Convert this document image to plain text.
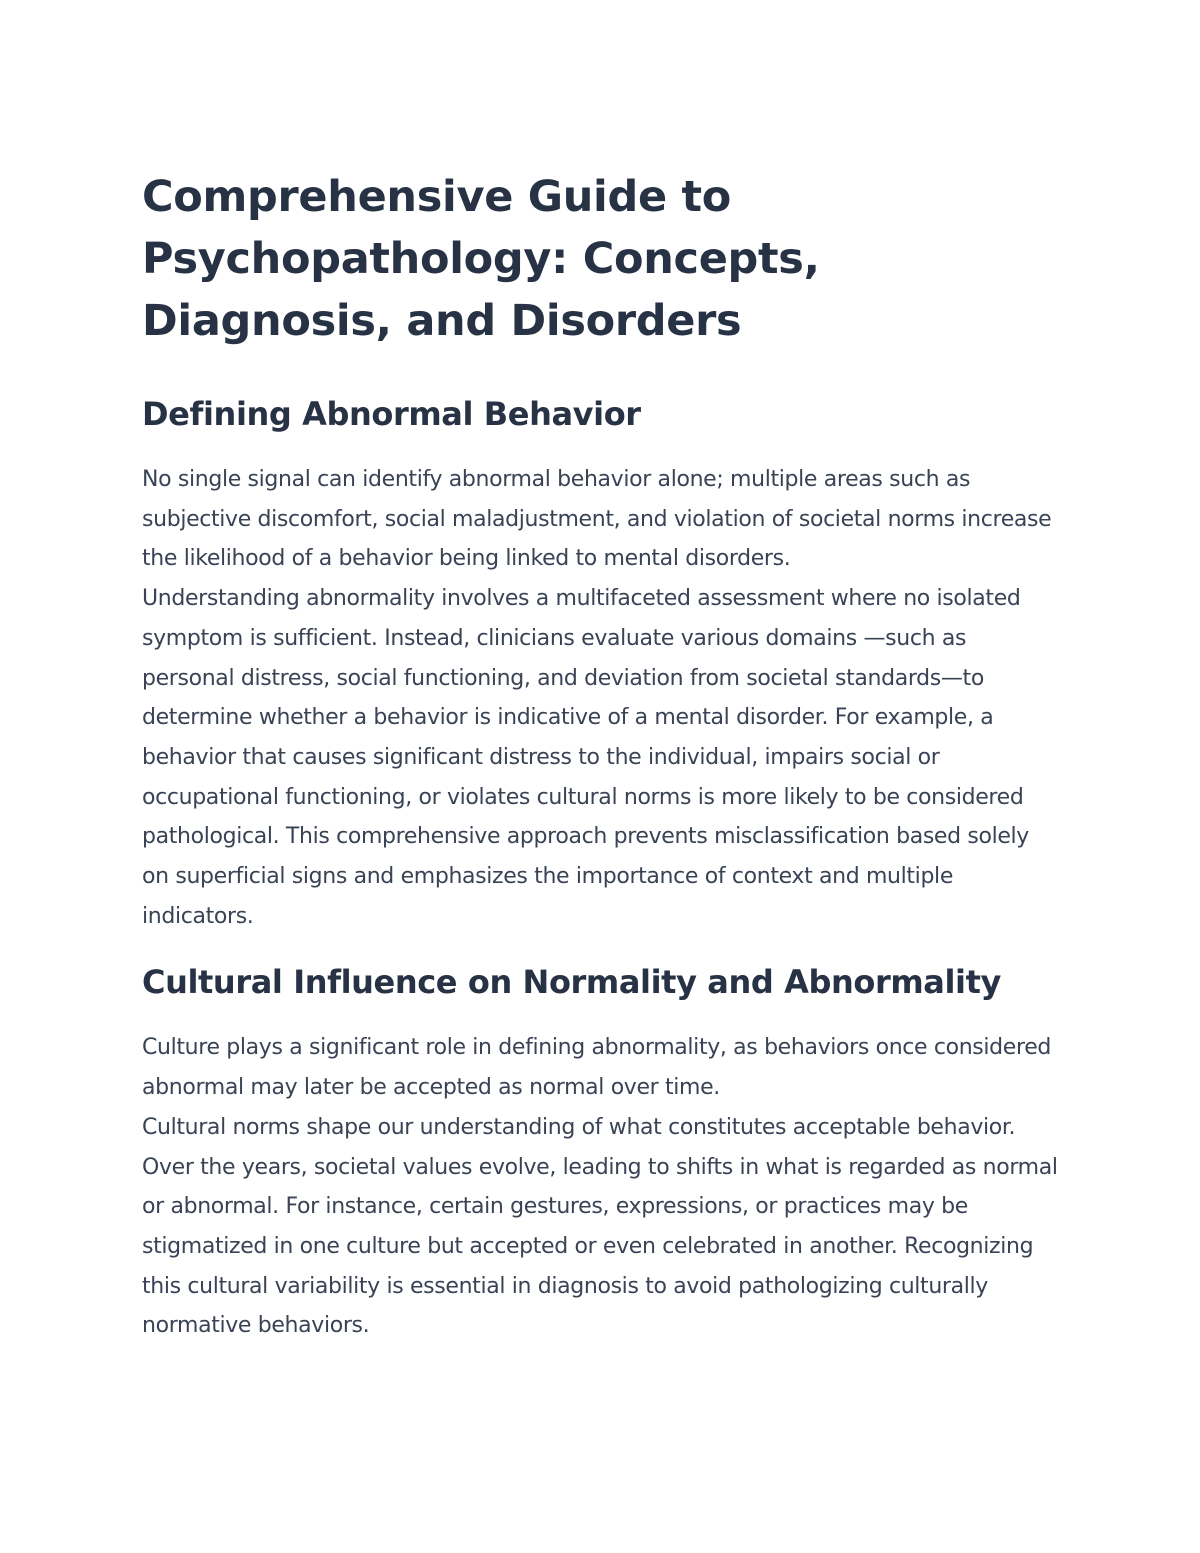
Comprehensive Guide to Psychopathology: Concepts, Diagnosis, and Disorders
Defining Abnormal Behavior

No single signal can identify abnormal behavior alone; multiple areas such as subjective discomfort, social maladjustment, and violation of societal norms increase the likelihood of a behavior being linked to mental disorders.

Understanding abnormality involves a multifaceted assessment where no isolated symptom is sufficient. Instead, clinicians evaluate various domains —such as personal distress, social functioning, and deviation from societal standards—to determine whether a behavior is indicative of a mental disorder. For example, a behavior that causes significant distress to the individual, impairs social or occupational functioning, or violates cultural norms is more likely to be considered pathological. This comprehensive approach prevents misclassification based solely on superficial signs and emphasizes the importance of context and multiple indicators.

Cultural Influence on Normality and Abnormality

Culture plays a significant role in defining abnormality, as behaviors once considered abnormal may later be accepted as normal over time.

Cultural norms shape our understanding of what constitutes acceptable behavior. Over the years, societal values evolve, leading to shifts in what is regarded as normal or abnormal. For instance, certain gestures, expressions, or practices may be stigmatized in one culture but accepted or even celebrated in another. Recognizing this cultural variability is essential in diagnosis to avoid pathologizing culturally normative behaviors.
